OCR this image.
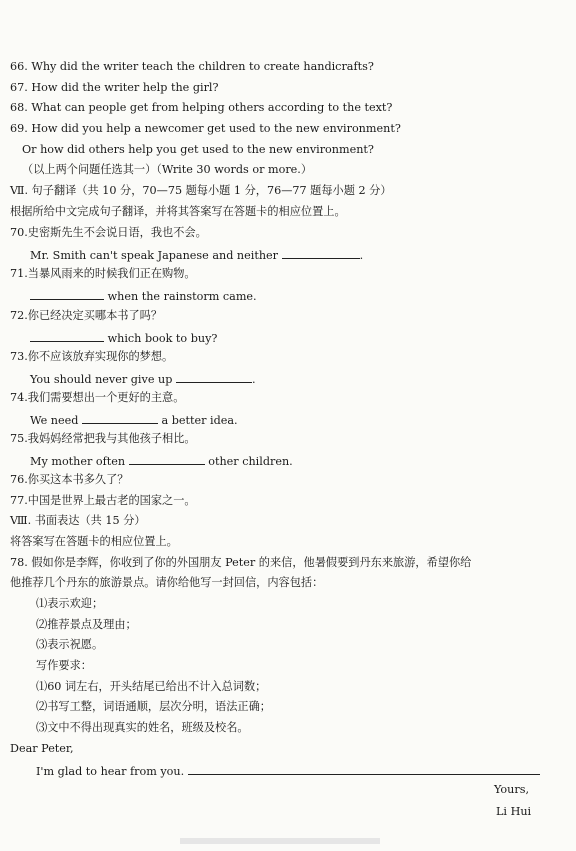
66. Why did the writer teach the children to create handicrafts?
67. How did the writer help the girl?
68. What can people get from helping others according to the text?
69. How did you help a newcomer get used to the new environment?
Or how did others help you get used to the new environment?
（以上两个问题任选其一）（Write 30 words or more.）
Ⅶ. 句子翻译（共 10 分，70—75 题每小题 1 分，76—77 题每小题 2 分）
根据所给中文完成句子翻译，并将其答案写在答题卡的相应位置上。
70.史密斯先生不会说日语，我也不会。
Mr. Smith can't speak Japanese and neither	.
71.当暴风雨来的时候我们正在购物。
when the rainstorm came.
72.你已经决定买哪本书了吗？
which book to buy?
73.你不应该放弃实现你的梦想。
You should never give up	.
74.我们需要想出一个更好的主意。
We need	a better idea.
75.我妈妈经常把我与其他孩子相比。
My mother often	other children.
76.你买这本书多久了？
77.中国是世界上最古老的国家之一。
Ⅷ. 书面表达（共 15 分）
将答案写在答题卡的相应位置上。
78. 假如你是李辉，你收到了你的外国朋友 Peter 的来信，他暑假要到丹东来旅游，希望你给
他推荐几个丹东的旅游景点。请你给他写一封回信，内容包括：
⑴表示欢迎；
⑵推荐景点及理由；
⑶表示祝愿。
写作要求：
⑴60 词左右，开头结尾已给出不计入总词数；
⑵书写工整，词语通顺，层次分明，语法正确；
⑶文中不得出现真实的姓名，班级及校名。
Dear Peter,
I'm glad to hear from you.
Yours,
Li Hui
